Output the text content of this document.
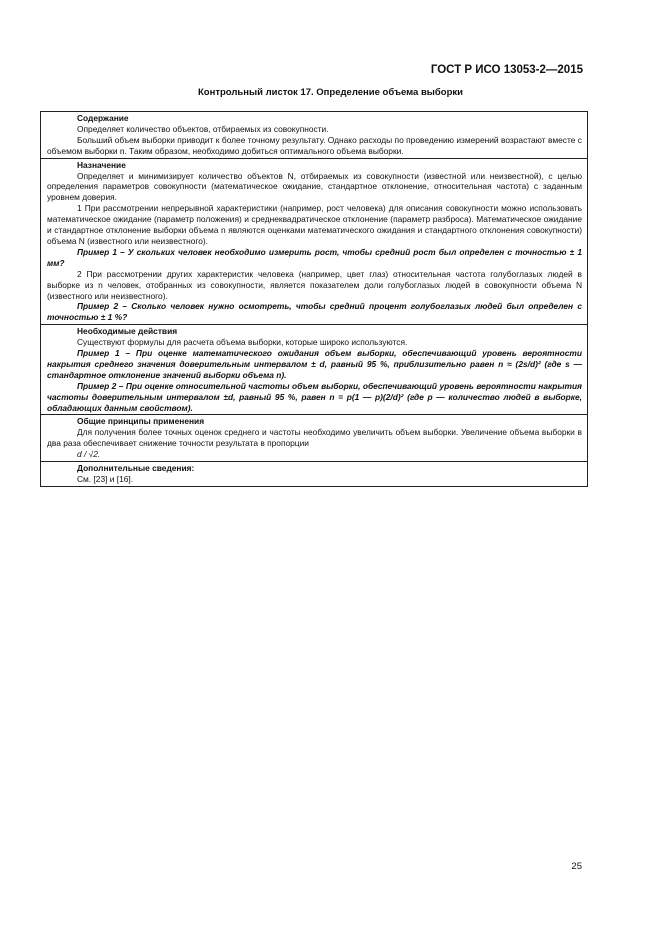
ГОСТ Р ИСО 13053-2—2015
Контрольный листок 17. Определение объема выборки
Содержание
Определяет количество объектов, отбираемых из совокупности.
Больший объем выборки приводит к более точному результату. Однако расходы по проведению измерений возрастают вместе с объемом выборки n. Таким образом, необходимо добиться оптимального объема выборки.

Назначение
Определяет и минимизирует количество объектов N, отбираемых из совокупности (известной или неизвестной), с целью определения параметров совокупности (математическое ожидание, стандартное отклонение, относительная частота) с заданным уровнем доверия.
1 При рассмотрении непрерывной характеристики (например, рост человека) для описания совокупности можно использовать математическое ожидание (параметр положения) и среднеквадратическое отклонение (параметр разброса). Математическое ожидание и стандартное отклонение выборки объема n являются оценками математического ожидания и стандартного отклонения совокупности) объема N (известного или неизвестного).
Пример 1 – У скольких человек необходимо измерить рост, чтобы средний рост был определен с точностью ± 1 мм?
2 При рассмотрении других характеристик человека (например, цвет глаз) относительная частота голубоглазых людей в выборке из n человек, отобранных из совокупности, является показателем доли голубоглазых людей в совокупности объема N (известного или неизвестного).
Пример 2 – Сколько человек нужно осмотреть, чтобы средний процент голубоглазых людей был определен с точностью ± 1 %?

Необходимые действия
Существуют формулы для расчета объема выборки, которые широко используются.
Пример 1 – При оценке математического ожидания объем выборки, обеспечивающий уровень вероятности накрытия среднего значения доверительным интервалом ± d, равный 95 %, приблизительно равен n ≈ (2s/d)² (где s — стандартное отклонение значений выборки объема n).
Пример 2 – При оценке относительной частоты объем выборки, обеспечивающий уровень вероятности накрытия частоты доверительным интервалом ±d, равный 95 %, равен n = p(1 — p)(2/d)² (где p — количество людей в выборке, обладающих данным свойством).

Общие принципы применения
Для получения более точных оценок среднего и частоты необходимо увеличить объем выборки. Увеличение объема выборки в два раза обеспечивает снижение точности результата в пропорции
d / √2.

Дополнительные сведения:
См. [23] и [16].
25
